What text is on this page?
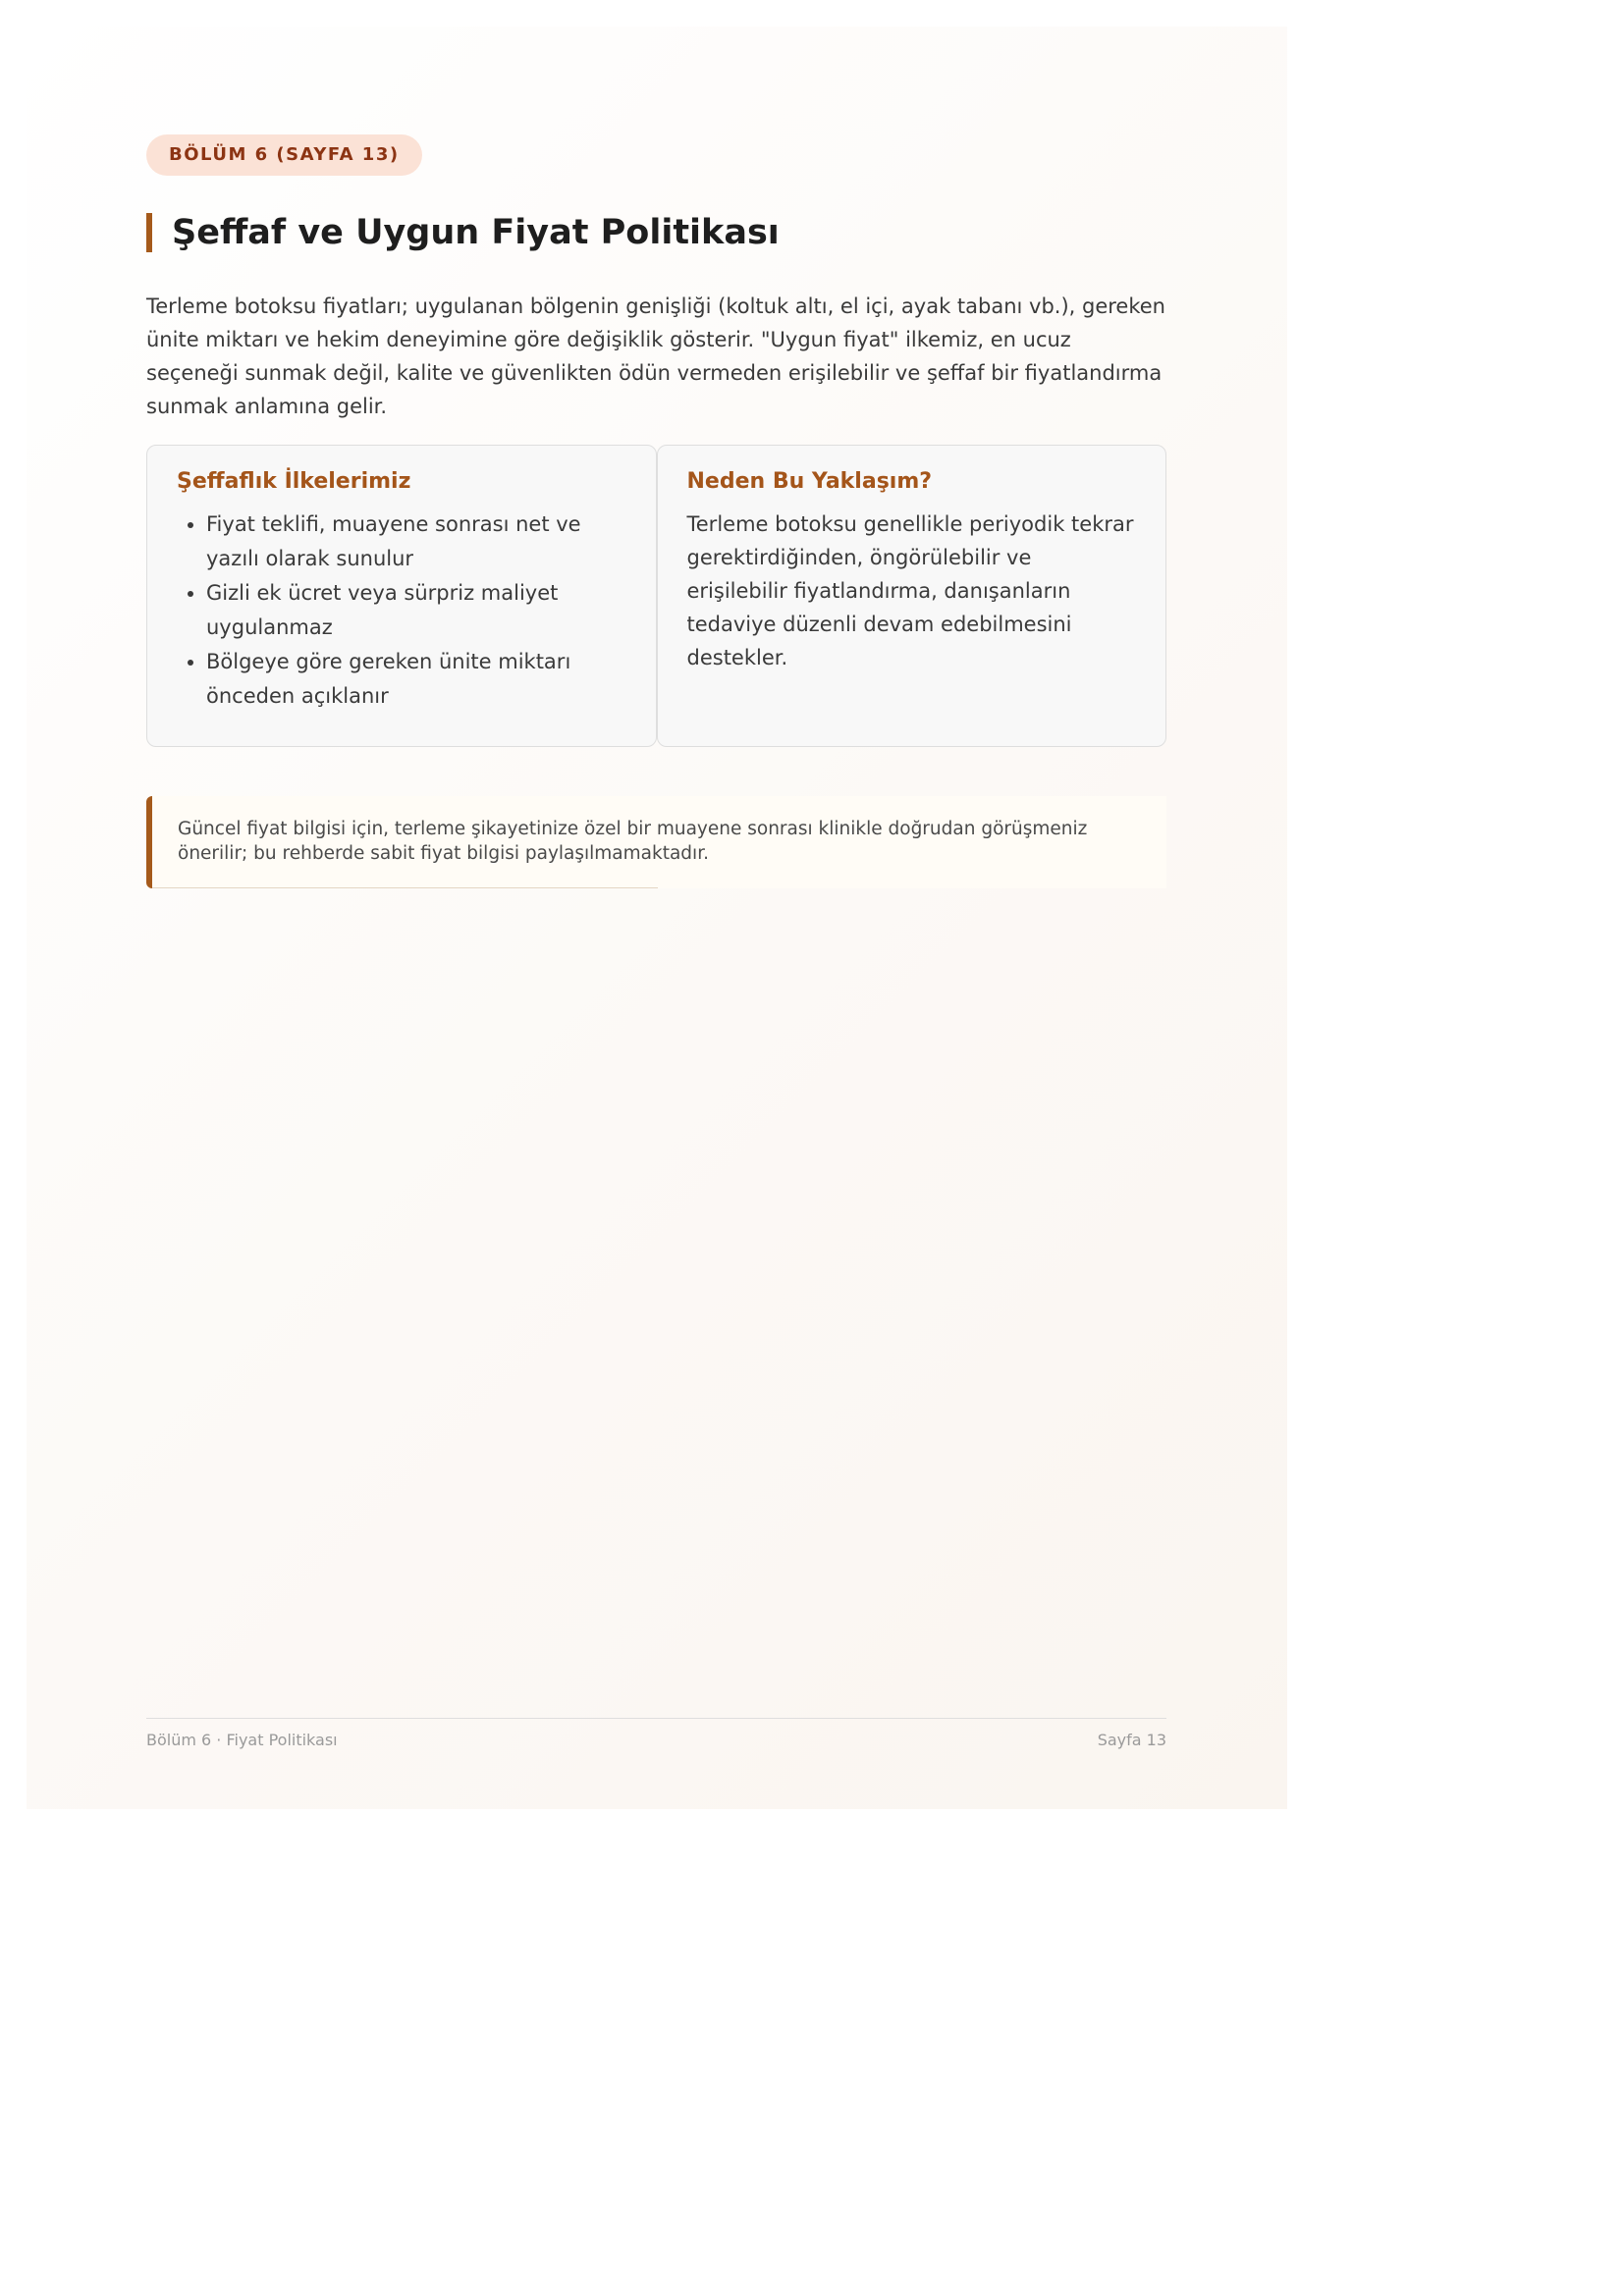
BÖLÜM 6 (SAYFA 13)
Şeffaf ve Uygun Fiyat Politikası

Terleme botoksu fiyatları; uygulanan bölgenin genişliği (koltuk altı, el içi, ayak tabanı vb.), gereken ünite miktarı ve hekim deneyimine göre değişiklik gösterir. "Uygun fiyat" ilkemiz, en ucuz seçeneği sunmak değil, kalite ve güvenlikten ödün vermeden erişilebilir ve şeffaf bir fiyatlandırma sunmak anlamına gelir.

Şeffaflık İlkelerimiz
• Fiyat teklifi, muayene sonrası net ve yazılı olarak sunulur
• Gizli ek ücret veya sürpriz maliyet uygulanmaz
• Bölgeye göre gereken ünite miktarı önceden açıklanır
Neden Bu Yaklaşım?

Terleme botoksu genellikle periyodik tekrar gerektirdiğinden, öngörülebilir ve erişilebilir fiyatlandırma, danışanların tedaviye düzenli devam edebilmesini destekler.

Güncel fiyat bilgisi için, terleme şikayetinize özel bir muayene sonrası klinikle doğrudan görüşmeniz önerilir; bu rehberde sabit fiyat bilgisi paylaşılmamaktadır.

Bölüm 6 · Fiyat Politikası	Sayfa 13
